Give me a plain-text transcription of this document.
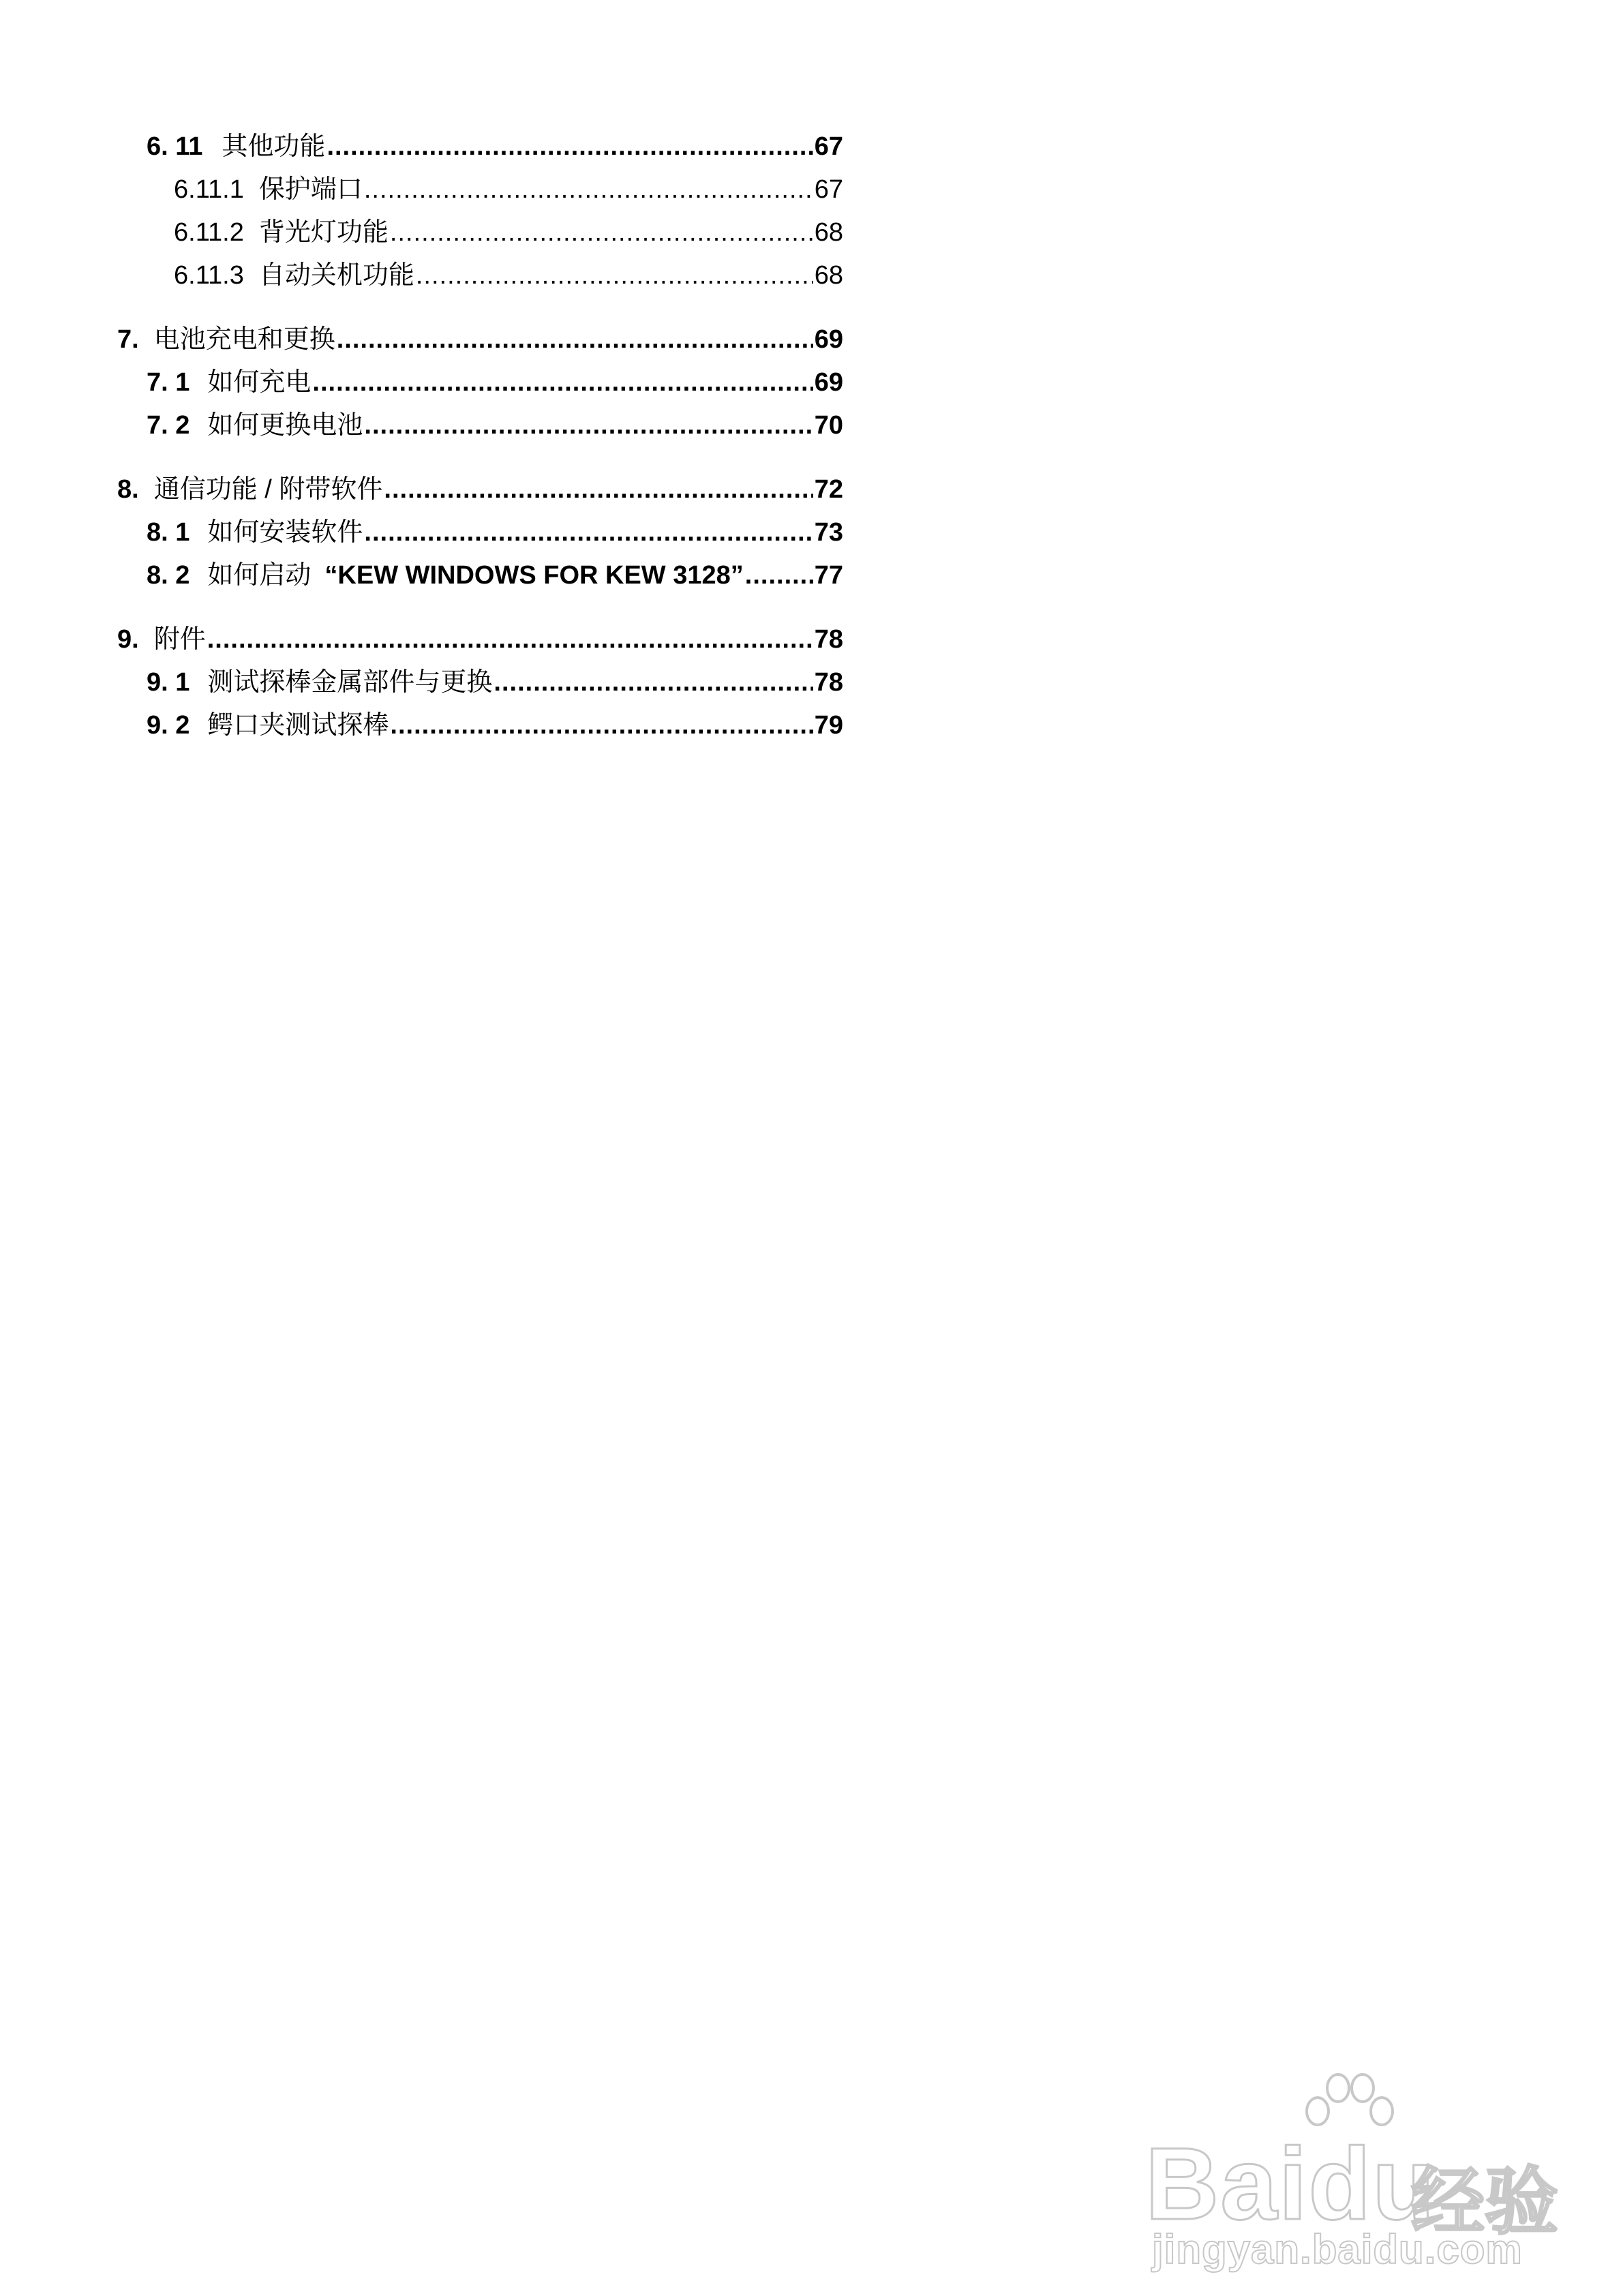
6. 11 其他功能 .....	67
6.11.1 保护端口 .....	67
6.11.2 背光灯功能 .....	68
6.11.3 自动关机功能 .....	68
7. 电池充电和更换 .....	69
7. 1 如何充电 .....	69
7. 2 如何更换电池 .....	70
8. 通信功能 / 附带软件 .....	72
8. 1 如何安装软件 .....	73
8. 2 如何启动 “KEW WINDOWS FOR KEW 3128” .....	77
9. 附件 .....	78
9. 1 测试探棒金属部件与更换 .....	78
9. 2 鳄口夹测试探棒 .....	79
Baidu
经验
jingyan.baidu.com
